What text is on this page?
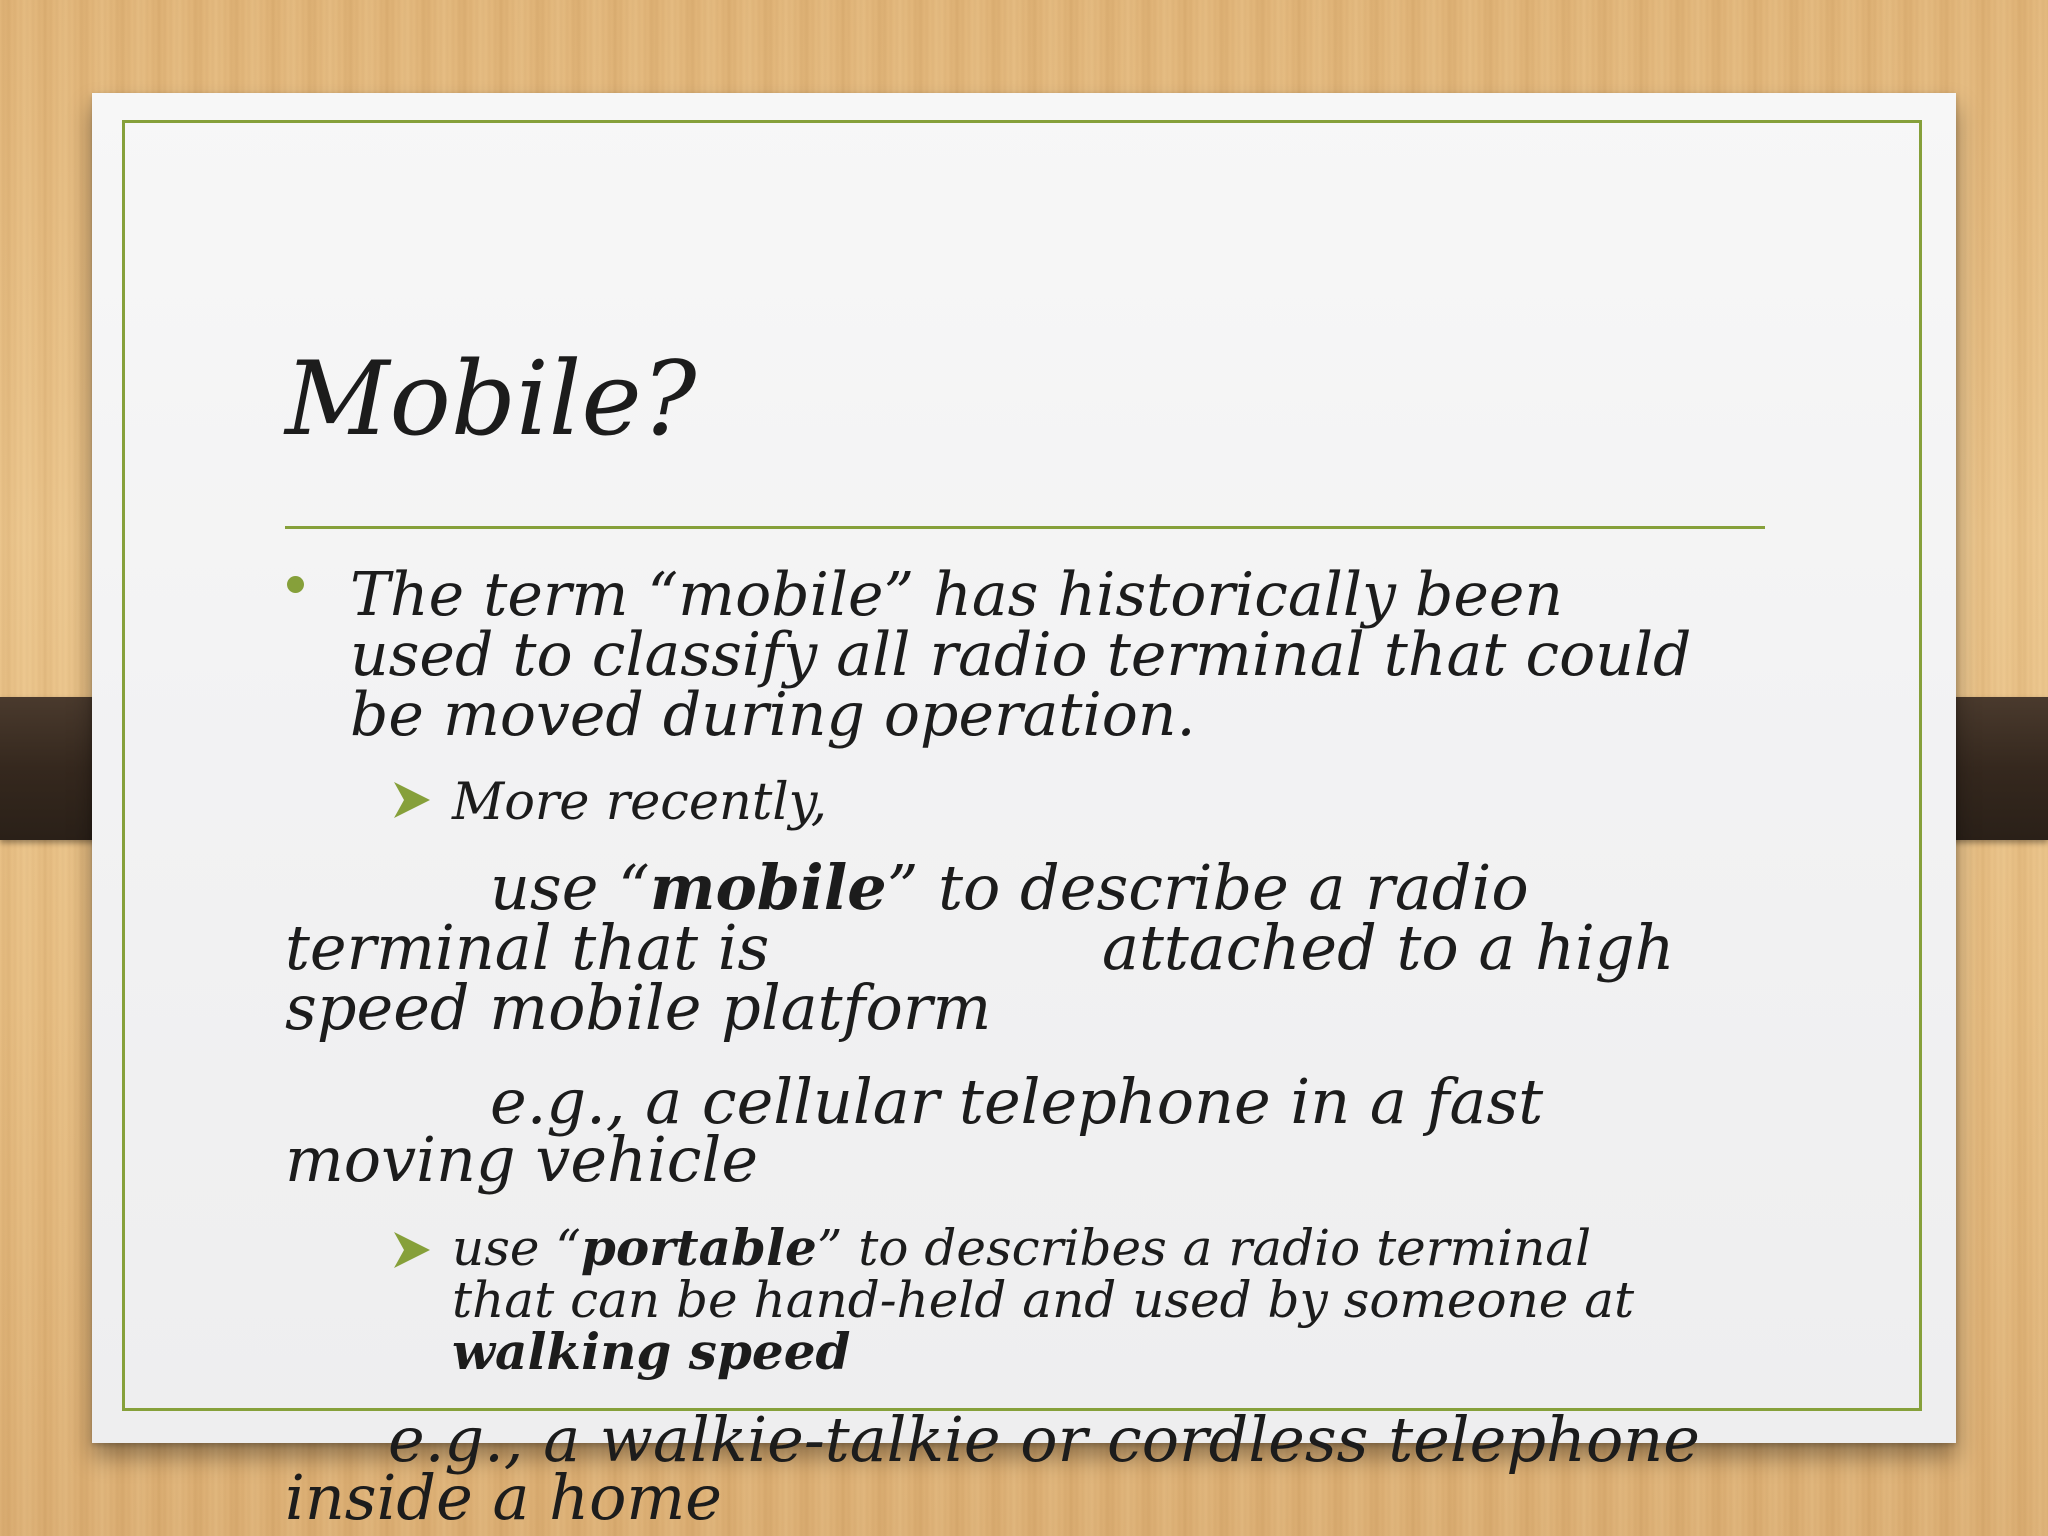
Mobile?

The term “mobile” has historically been

used to classify all radio terminal that could

be moved during operation.

More recently,

use “mobile” to describe a radio

terminal that is	attached to a high

speed mobile platform

e.g., a cellular telephone in a fast

moving vehicle

use “portable” to describes a radio terminal

that can be hand-held and used by someone at

walking speed

e.g., a walkie-talkie or cordless telephone

inside a home
